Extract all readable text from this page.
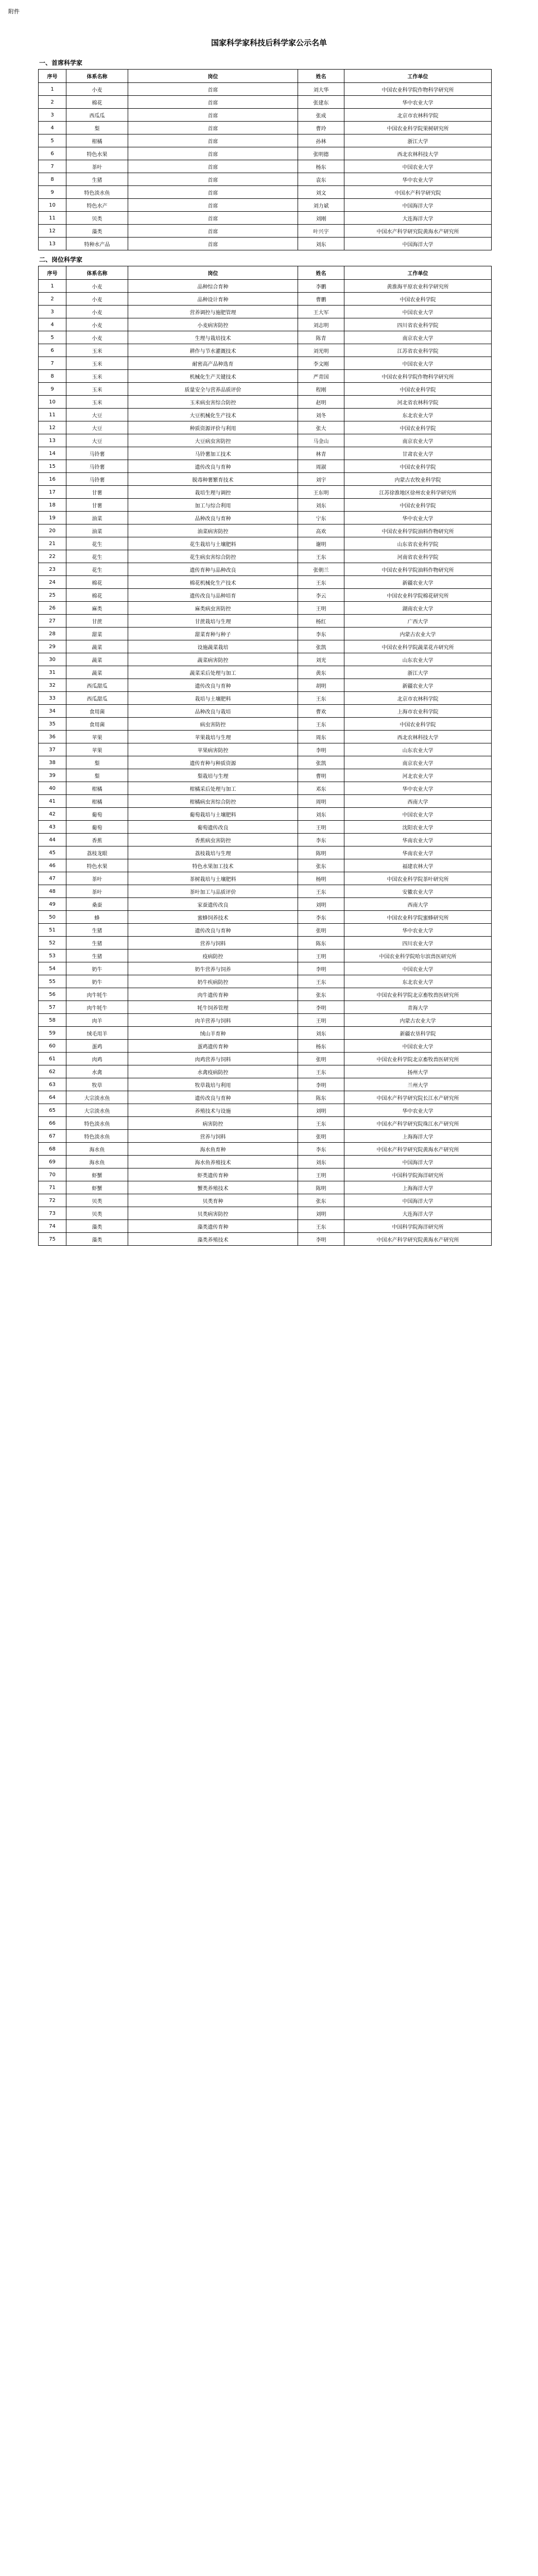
附件
国家科学家科技后科学家公示名单
一、首席科学家
序号	体系名称	岗位	姓名	工作单位
1	小麦	首席	刘大华	中国农业科学院作物科学研究所
2	棉花	首席	张建东	华中农业大学
3	西瓜瓜	首席	张成	北京市农林科学院
4	梨	首席	曹玲	中国农业科学院果树研究所
5	柑橘	首席	孙林	浙江大学
6	特色水果	首席	张明德	西北农林科技大学
7	茶叶	首席	杨东	中国农业大学
8	生猪	首席	袁东	华中农业大学
9	特色淡水鱼	首席	刘文	中国水产科学研究院
10	特色水产	首席	刘力斌	中国海洋大学
11	贝类	首席	刘刚	大连海洋大学
12	藻类	首席	叶兴宇	中国水产科学研究院黄海水产研究所
13	特种水产品	首席	刘东	中国海洋大学
二、岗位科学家
序号	体系名称	岗位	姓名	工作单位
1	小麦	品种综合育种	李鹏	黄淮海平原农业科学研究所
2	小麦	品种设计育种	曹鹏	中国农业科学院
3	小麦	营养调控与施肥管理	王大军	中国农业大学
4	小麦	小麦病害防控	刘志明	四川省农业科学院
5	小麦	生理与栽培技术	陈青	南京农业大学
6	玉米	耕作与节水灌溉技术	刘光明	江苏省农业科学院
7	玉米	耐密高产品种选育	李文刚	中国农业大学
8	玉米	机械化生产关键技术	严青国	中国农业科学院作物科学研究所
9	玉米	质量安全与营养品质评价	程刚	中国农业科学院
10	玉米	玉米病虫害综合防控	赵明	河北省农林科学院
11	大豆	大豆机械化生产技术	刘冬	东北农业大学
12	大豆	种质资源评价与利用	张大	中国农业科学院
13	大豆	大豆病虫害防控	马金山	南京农业大学
14	马铃薯	马铃薯加工技术	林青	甘肃农业大学
15	马铃薯	遗传改良与育种	周淑	中国农业科学院
16	马铃薯	脱毒种薯繁育技术	刘宇	内蒙古农牧业科学院
17	甘薯	栽培生理与调控	王东明	江苏徐淮地区徐州农业科学研究所
18	甘薯	加工与综合利用	刘东	中国农业科学院
19	油菜	品种改良与育种	宁东	华中农业大学
20	油菜	油菜病害防控	高欢	中国农业科学院油料作物研究所
21	花生	花生栽培与土壤肥料	谢明	山东省农业科学院
22	花生	花生病虫害综合防控	王东	河南省农业科学院
23	花生	遗传育种与品种改良	张朝兰	中国农业科学院油料作物研究所
24	棉花	棉花机械化生产技术	王东	新疆农业大学
25	棉花	遗传改良与品种培育	李云	中国农业科学院棉花研究所
26	麻类	麻类病虫害防控	王明	湖南农业大学
27	甘蔗	甘蔗栽培与生理	杨红	广西大学
28	甜菜	甜菜育种与种子	李东	内蒙古农业大学
29	蔬菜	设施蔬菜栽培	张凯	中国农业科学院蔬菜花卉研究所
30	蔬菜	蔬菜病害防控	刘光	山东农业大学
31	蔬菜	蔬菜采后处理与加工	黄东	浙江大学
32	西瓜甜瓜	遗传改良与育种	胡明	新疆农业大学
33	西瓜甜瓜	栽培与土壤肥料	王东	北京市农林科学院
34	食用菌	品种改良与栽培	曹欢	上海市农业科学院
35	食用菌	病虫害防控	王东	中国农业科学院
36	苹果	苹果栽培与生理	周东	西北农林科技大学
37	苹果	苹果病害防控	李明	山东农业大学
38	梨	遗传育种与种质资源	张凯	南京农业大学
39	梨	梨栽培与生理	曹明	河北农业大学
40	柑橘	柑橘采后处理与加工	邓东	华中农业大学
41	柑橘	柑橘病虫害综合防控	周明	西南大学
42	葡萄	葡萄栽培与土壤肥料	刘东	中国农业大学
43	葡萄	葡萄遗传改良	王明	沈阳农业大学
44	香蕉	香蕉病虫害防控	李东	华南农业大学
45	荔枝龙眼	荔枝栽培与生理	陈明	华南农业大学
46	特色水果	特色水果加工技术	张东	福建农林大学
47	茶叶	茶树栽培与土壤肥料	杨明	中国农业科学院茶叶研究所
48	茶叶	茶叶加工与品质评价	王东	安徽农业大学
49	桑蚕	家蚕遗传改良	刘明	西南大学
50	蜂	蜜蜂饲养技术	李东	中国农业科学院蜜蜂研究所
51	生猪	遗传改良与育种	张明	华中农业大学
52	生猪	营养与饲料	陈东	四川农业大学
53	生猪	疫病防控	王明	中国农业科学院哈尔滨兽医研究所
54	奶牛	奶牛营养与饲养	李明	中国农业大学
55	奶牛	奶牛疾病防控	王东	东北农业大学
56	肉牛牦牛	肉牛遗传育种	张东	中国农业科学院北京畜牧兽医研究所
57	肉牛牦牛	牦牛饲养管理	李明	青海大学
58	肉羊	肉羊营养与饲料	王明	内蒙古农业大学
59	绒毛用羊	绒山羊育种	刘东	新疆农垦科学院
60	蛋鸡	蛋鸡遗传育种	杨东	中国农业大学
61	肉鸡	肉鸡营养与饲料	张明	中国农业科学院北京畜牧兽医研究所
62	水禽	水禽疫病防控	王东	扬州大学
63	牧草	牧草栽培与利用	李明	兰州大学
64	大宗淡水鱼	遗传改良与育种	陈东	中国水产科学研究院长江水产研究所
65	大宗淡水鱼	养殖技术与设施	刘明	华中农业大学
66	特色淡水鱼	病害防控	王东	中国水产科学研究院珠江水产研究所
67	特色淡水鱼	营养与饲料	张明	上海海洋大学
68	海水鱼	海水鱼育种	李东	中国水产科学研究院黄海水产研究所
69	海水鱼	海水鱼养殖技术	刘东	中国海洋大学
70	虾蟹	虾类遗传育种	王明	中国科学院海洋研究所
71	虾蟹	蟹类养殖技术	陈明	上海海洋大学
72	贝类	贝类育种	张东	中国海洋大学
73	贝类	贝类病害防控	刘明	大连海洋大学
74	藻类	藻类遗传育种	王东	中国科学院海洋研究所
75	藻类	藻类养殖技术	李明	中国水产科学研究院黄海水产研究所
